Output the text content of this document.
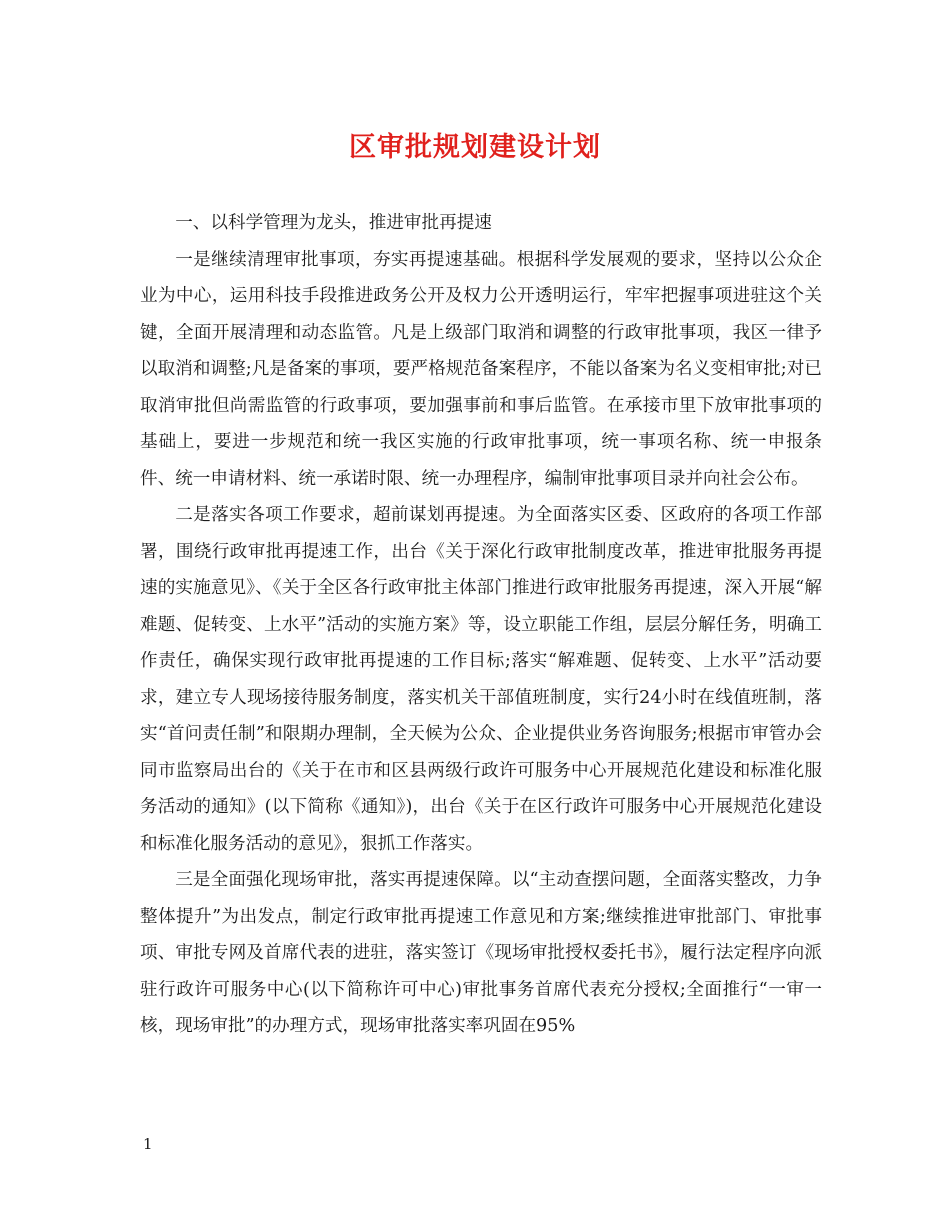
区审批规划建设计划

一、以科学管理为龙头，推进审批再提速

一是继续清理审批事项，夯实再提速基础。根据科学发展观的要求，坚持以公众企业为中心，运用科技手段推进政务公开及权力公开透明运行，牢牢把握事项进驻这个关键，全面开展清理和动态监管。凡是上级部门取消和调整的行政审批事项，我区一律予以取消和调整;凡是备案的事项，要严格规范备案程序，不能以备案为名义变相审批;对已取消审批但尚需监管的行政事项，要加强事前和事后监管。在承接市里下放审批事项的基础上，要进一步规范和统一我区实施的行政审批事项，统一事项名称、统一申报条件、统一申请材料、统一承诺时限、统一办理程序，编制审批事项目录并向社会公布。

二是落实各项工作要求，超前谋划再提速。为全面落实区委、区政府的各项工作部署，围绕行政审批再提速工作，出台《关于深化行政审批制度改革，推进审批服务再提速的实施意见》、《关于全区各行政审批主体部门推进行政审批服务再提速，深入开展“解难题、促转变、上水平”活动的实施方案》等，设立职能工作组，层层分解任务，明确工作责任，确保实现行政审批再提速的工作目标;落实“解难题、促转变、上水平”活动要求，建立专人现场接待服务制度，落实机关干部值班制度，实行24小时在线值班制，落实“首问责任制”和限期办理制，全天候为公众、企业提供业务咨询服务;根据市审管办会同市监察局出台的《关于在市和区县两级行政许可服务中心开展规范化建设和标准化服务活动的通知》(以下简称《通知》)，出台《关于在区行政许可服务中心开展规范化建设和标准化服务活动的意见》，狠抓工作落实。

三是全面强化现场审批，落实再提速保障。以“主动查摆问题，全面落实整改，力争整体提升”为出发点，制定行政审批再提速工作意见和方案;继续推进审批部门、审批事项、审批专网及首席代表的进驻，落实签订《现场审批授权委托书》，履行法定程序向派驻行政许可服务中心(以下简称许可中心)审批事务首席代表充分授权;全面推行“一审一核，现场审批”的办理方式，现场审批落实率巩固在95%

1
